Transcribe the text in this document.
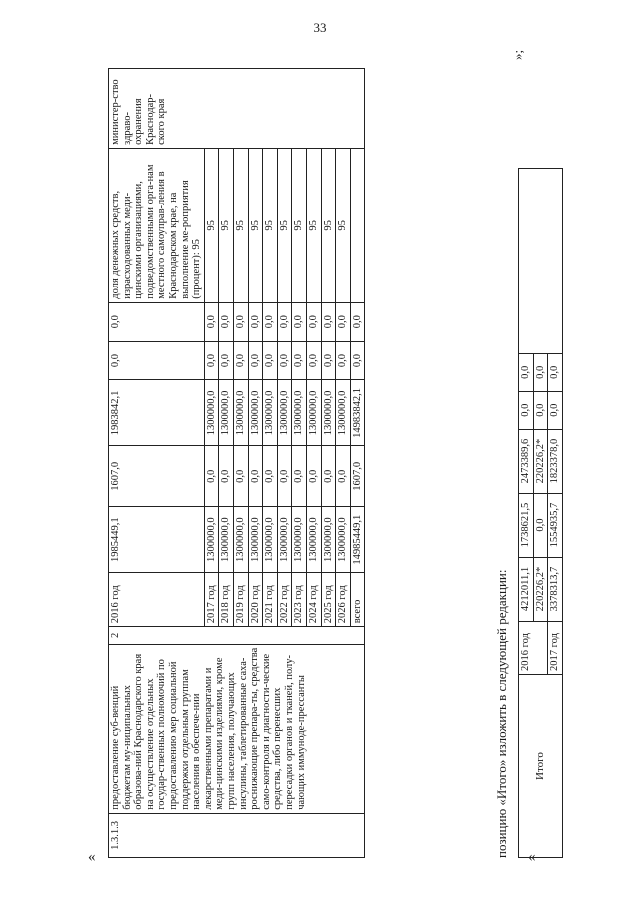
33
«	«
1.3.1.3	предоставление суб-венций бюджетам му-ниципальных образова-ний Краснодарского края на осуществление отдельных государ-ственных полномочий по предоставлению мер социальной поддержки отдельным группам населения в обеспече-нии лекарственными препаратами и меди-цинскими изделиями, кроме групп населения, получающих инсулины, таблетированные саха-роснижающие препара-ты, средства само-контроля и диагности-ческие средства, либо перенесших пересадки органов и тканей, полу-чающих иммуноде-прессанты	2	2016 год	1985449,1	1607,0	1983842,1	0,0	0,0	доля денежных средств, израсходованных меди-цинскими организациями, подведомственными орга-нам местного самоуправ-ления в Краснодарском крае, на выполнение ме-роприятия (процент): 95	министер-ство здраво-охранения Краснодар-ского края
			2017 год	1300000,0	0,0	1300000,0	0,0	0,0	95	
			2018 год	1300000,0	0,0	1300000,0	0,0	0,0	95	
			2019 год	1300000,0	0,0	1300000,0	0,0	0,0	95	
			2020 год	1300000,0	0,0	1300000,0	0,0	0,0	95	
			2021 год	1300000,0	0,0	1300000,0	0,0	0,0	95	
			2022 год	1300000,0	0,0	1300000,0	0,0	0,0	95	
			2023 год	1300000,0	0,0	1300000,0	0,0	0,0	95	
			2024 год	1300000,0	0,0	1300000,0	0,0	0,0	95	
			2025 год	1300000,0	0,0	1300000,0	0,0	0,0	95	
			2026 год	1300000,0	0,0	1300000,0	0,0	0,0	95	
			всего	14985449,1	1607,0	14983842,1	0,0	0,0		
позицию «Итого» изложить в следующей редакции: Итого	2016 год	4212011,1	1738621,5	2473389,6	0,0	0,0	
		220226,2*	0,0	220226,2*	0,0	0,0	
	2017 год	3378313,7	1554935,7	1823378,0	0,0	0,0	
»;
